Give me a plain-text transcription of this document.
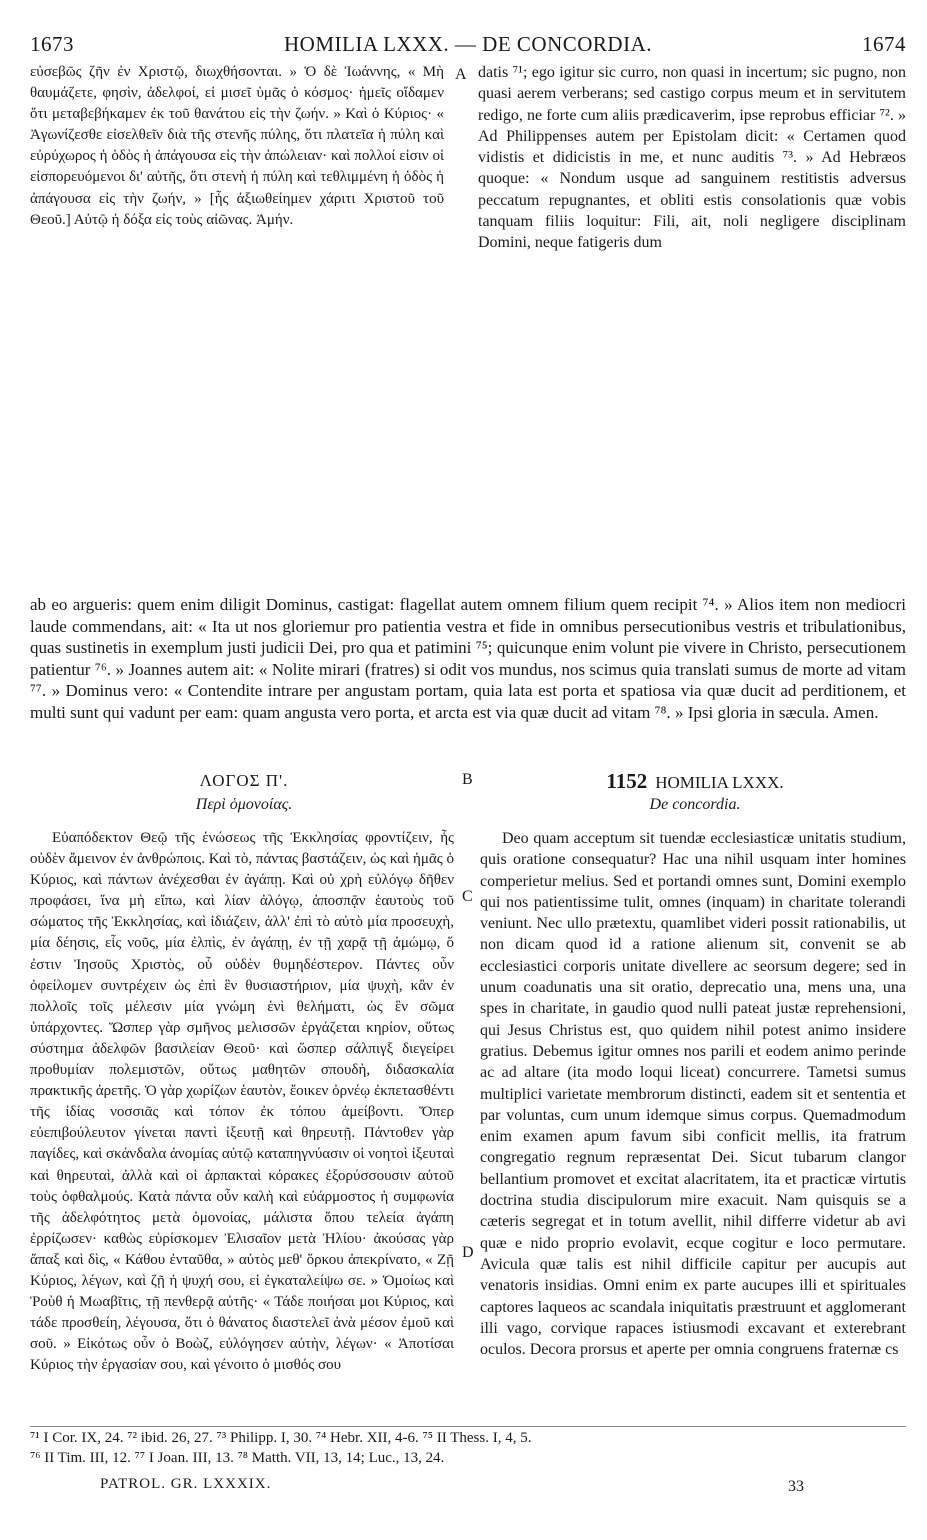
1673	HOMILIA LXXX. — DE CONCORDIA.	1674

εὐσεβῶς ζῆν ἐν Χριστῷ, διωχθήσονται. » Ὁ δὲ Ἰωάννης, « Μὴ θαυμάζετε, φησὶν, ἀδελφοί, εἰ μισεῖ ὑμᾶς ὁ κόσμος· ἡμεῖς οἴδαμεν ὅτι μεταβεβήκαμεν ἐκ τοῦ θανάτου εἰς τὴν ζωήν. » Καὶ ὁ Κύριος· « Ἀγωνίζεσθε εἰσελθεῖν διὰ τῆς στενῆς πύλης, ὅτι πλατεῖα ἡ πύλη καὶ εὐρύχωρος ἡ ὁδὸς ἡ ἀπάγουσα εἰς τὴν ἀπώλειαν· καὶ πολλοί εἰσιν οἱ εἰσπορευόμενοι δι' αὐτῆς, ὅτι στενὴ ἡ πύλη καὶ τεθλιμμένη ἡ ὁδὸς ἡ ἀπάγουσα εἰς τὴν ζωήν, » [ἧς ἀξιωθείημεν χάριτι Χριστοῦ τοῦ Θεοῦ.] Αὐτῷ ἡ δόξα εἰς τοὺς αἰῶνας. Ἀμήν.

A datis ⁷¹; ego igitur sic curro, non quasi in incertum; sic pugno, non quasi aerem verberans; sed castigo corpus meum et in servitutem redigo, ne forte cum aliis prædicaverim, ipse reprobus efficiar ⁷². » Ad Philippenses autem per Epistolam dicit: « Certamen quod vidistis et didicistis in me, et nunc auditis ⁷³. » Ad Hebræos quoque: « Nondum usque ad sanguinem restitistis adversus peccatum repugnantes, et obliti estis consolationis quæ vobis tanquam filiis loquitur: Fili, ait, noli negligere disciplinam Domini, neque fatigeris dum

ab eo argueris: quem enim diligit Dominus, castigat: flagellat autem omnem filium quem recipit ⁷⁴. » Alios item non mediocri laude commendans, ait: « Ita ut nos gloriemur pro patientia vestra et fide in omnibus persecutionibus vestris et tribulationibus, quas sustinetis in exemplum justi judicii Dei, pro qua et patimini ⁷⁵; quicunque enim volunt pie vivere in Christo, persecutionem patientur ⁷⁶. » Joannes autem ait: « Nolite mirari (fratres) si odit vos mundus, nos scimus quia translati sumus de morte ad vitam ⁷⁷. » Dominus vero: « Contendite intrare per angustam portam, quia lata est porta et spatiosa via quæ ducit ad perditionem, et multi sunt qui vadunt per eam: quam angusta vero porta, et arcta est via quæ ducit ad vitam ⁷⁸. » Ipsi gloria in sæcula. Amen.

ΛΟΓΟΣ Π'.
Περὶ ὁμονοίας.
B	1152 HOMILIA LXXX.
De concordia.

Εὐαπόδεκτον Θεῷ τῆς ἑνώσεως τῆς Ἐκκλησίας φροντίζειν, ἧς οὐδὲν ἄμεινον ἐν ἀνθρώποις. Καὶ τὸ, πάντας βαστάζειν, ὡς καὶ ἡμᾶς ὁ Κύριος, καὶ πάντων ἀνέχεσθαι ἐν ἀγάπῃ. Καὶ οὐ χρὴ εὐλόγῳ δῆθεν προφάσει, ἵνα μὴ εἴπω, καὶ λίαν ἀλόγῳ, ἀποσπᾷν ἑαυτοὺς τοῦ σώματος τῆς Ἐκκλησίας, καὶ ἰδιάζειν, ἀλλ' ἐπὶ τὸ αὐτὸ μία προσευχὴ, μία δέησις, εἷς νοῦς, μία ἐλπὶς, ἐν ἀγάπῃ, ἐν τῇ χαρᾷ τῇ ἀμώμῳ, ὅ ἐστιν Ἰησοῦς Χριστὸς, οὗ οὐδὲν θυμηδέστερον. Πάντες οὖν ὀφείλομεν συντρέχειν ὡς ἐπὶ ἓν θυσιαστήριον, μία ψυχὴ, κἂν ἐν πολλοῖς τοῖς μέλεσιν μία γνώμη ἑνὶ θελήματι, ὡς ἓν σῶμα ὑπάρχοντες. Ὥσπερ γὰρ σμῆνος μελισσῶν ἐργάζεται κηρίον, οὕτως σύστημα ἀδελφῶν βασιλείαν Θεοῦ· καὶ ὥσπερ σάλπιγξ διεγείρει προθυμίαν πολεμιστῶν, οὕτως μαθητῶν σπουδὴ, διδασκαλία πρακτικῆς ἀρετῆς. Ὁ γὰρ χωρίζων ἑαυτὸν, ἔοικεν ὀρνέῳ ἐκπετασθέντι τῆς ἰδίας νοσσιᾶς καὶ τόπον ἐκ τόπου ἀμείβοντι. Ὅπερ εὐεπιβούλευτον γίνεται παντὶ ἰξευτῇ καὶ θηρευτῇ. Πάντοθεν γὰρ παγίδες, καὶ σκάνδαλα ἀνομίας αὐτῷ καταπηγνύασιν οἱ νοητοὶ ἰξευταὶ καὶ θηρευταὶ, ἀλλὰ καὶ οἱ ἁρπακταὶ κόρακες ἐξορύσσουσιν αὐτοῦ τοὺς ὀφθαλμούς. Κατὰ πάντα οὖν καλὴ καὶ εὐάρμοστος ἡ συμφωνία τῆς ἀδελφότητος μετὰ ὁμονοίας, μάλιστα ὅπου τελεία ἀγάπη ἐρρίζωσεν· καθὼς εὑρίσκομεν Ἐλισαῖον μετὰ Ἠλίου· ἀκούσας γὰρ ἅπαξ καὶ δὶς, « Κάθου ἐνταῦθα, » αὐτὸς μεθ' ὅρκου ἀπεκρίνατο, « Ζῇ Κύριος, λέγων, καὶ ζῇ ἡ ψυχή σου, εἰ ἐγκαταλείψω σε. » Ὁμοίως καὶ Ῥοὺθ ἡ Μωαβῖτις, τῇ πενθερᾷ αὐτῆς· « Τάδε ποιήσαι μοι Κύριος, καὶ τάδε προσθείη, λέγουσα, ὅτι ὁ θάνατος διαστελεῖ ἀνὰ μέσον ἐμοῦ καὶ σοῦ. » Εἰκότως οὖν ὁ Βοὼζ, εὐλόγησεν αὐτὴν, λέγων· « Ἀποτίσαι Κύριος τὴν ἐργασίαν σου, καὶ γένοιτο ὁ μισθός σου

C
D

Deo quam acceptum sit tuendæ ecclesiasticæ unitatis studium, quis oratione consequatur? Hac una nihil usquam inter homines comperietur melius. Sed et portandi omnes sunt, Domini exemplo qui nos patientissime tulit, omnes (inquam) in charitate tolerandi veniunt. Nec ullo prætextu, quamlibet videri possit rationabilis, ut non dicam quod id a ratione alienum sit, convenit se ab ecclesiastici corporis unitate divellere ac seorsum degere; sed in unum coadunatis una sit oratio, deprecatio una, mens una, una spes in charitate, in gaudio quod nulli pateat justæ reprehensioni, qui Jesus Christus est, quo quidem nihil potest animo insidere gratius. Debemus igitur omnes nos parili et eodem animo perinde ac ad altare (ita modo loqui liceat) concurrere. Tametsi sumus multiplici varietate membrorum distincti, eadem sit et sententia et par voluntas, cum unum idemque simus corpus. Quemadmodum enim examen apum favum sibi conficit mellis, ita fratrum congregatio regnum repræsentat Dei. Sicut tubarum clangor bellantium promovet et excitat alacritatem, ita et practicæ virtutis doctrina studia discipulorum mire exacuit. Nam quisquis se a cæteris segregat et in totum avellit, nihil differre videtur ab avi quæ e nido proprio evolavit, ecque cogitur e loco permutare. Avicula quæ talis est nihil difficile capitur per aucupis aut venatoris insidias. Omni enim ex parte aucupes illi et spirituales captores laqueos ac scandala iniquitatis præstruunt et agglomerant illi vago, corvique rapaces istiusmodi excavant et exterebrant oculos. Decora prorsus et aperte per omnia congruens fraternæ cs

⁷¹ I Cor. IX, 24. ⁷² ibid. 26, 27. ⁷³ Philipp. I, 30. ⁷⁴ Hebr. XII, 4-6. ⁷⁵ II Thess. I, 4, 5.
⁷⁶ II Tim. III, 12. ⁷⁷ I Joan. III, 13. ⁷⁸ Matth. VII, 13, 14; Luc., 13, 24.
PATROL. GR. LXXXIX.	33
